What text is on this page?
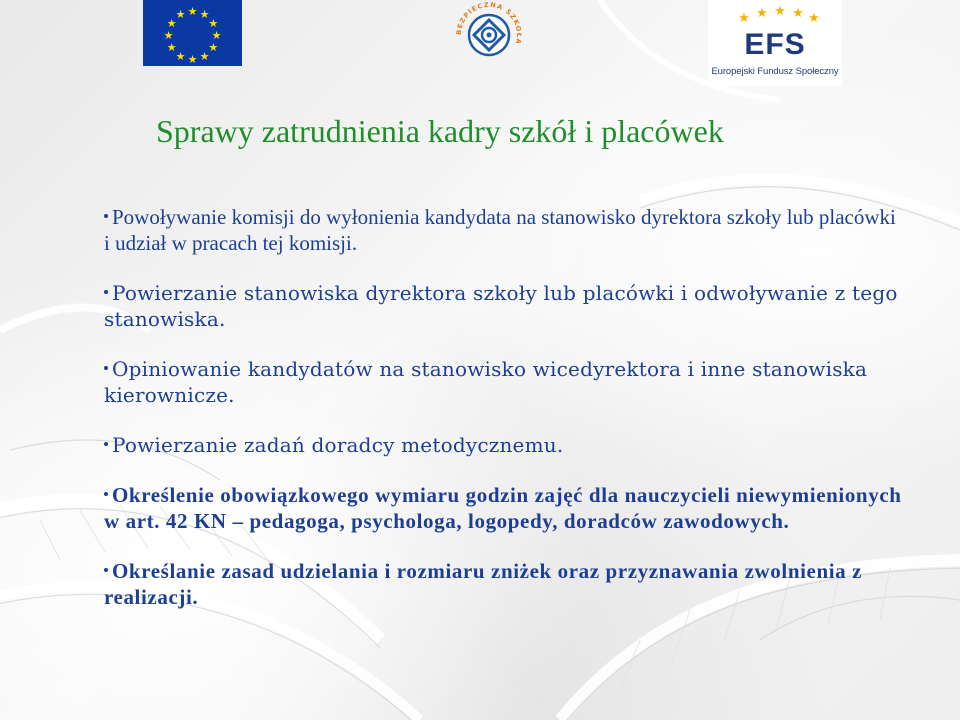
★ ★
★
★
★
★
★
★
★
★
★
★
BEZPIECZNA SZKOŁA
★ ★ ★ ★ ★
EFS
Europejski Fundusz Społeczny
Sprawy zatrudnienia kadry szkół i placówek
Powoływanie komisji do wyłonienia kandydata na stanowisko dyrektora szkoły lub placówki i udział w pracach tej komisji.
Powierzanie stanowiska dyrektora szkoły lub placówki i odwoływanie z tego stanowiska.
Opiniowanie kandydatów na stanowisko wicedyrektora i inne stanowiska kierownicze.
Powierzanie zadań doradcy metodycznemu.
Określenie obowiązkowego wymiaru godzin zajęć dla nauczycieli niewymienionych w art. 42 KN – pedagoga, psychologa, logopedy, doradców zawodowych.
Określanie zasad udzielania i rozmiaru zniżek oraz przyznawania zwolnienia z realizacji.
